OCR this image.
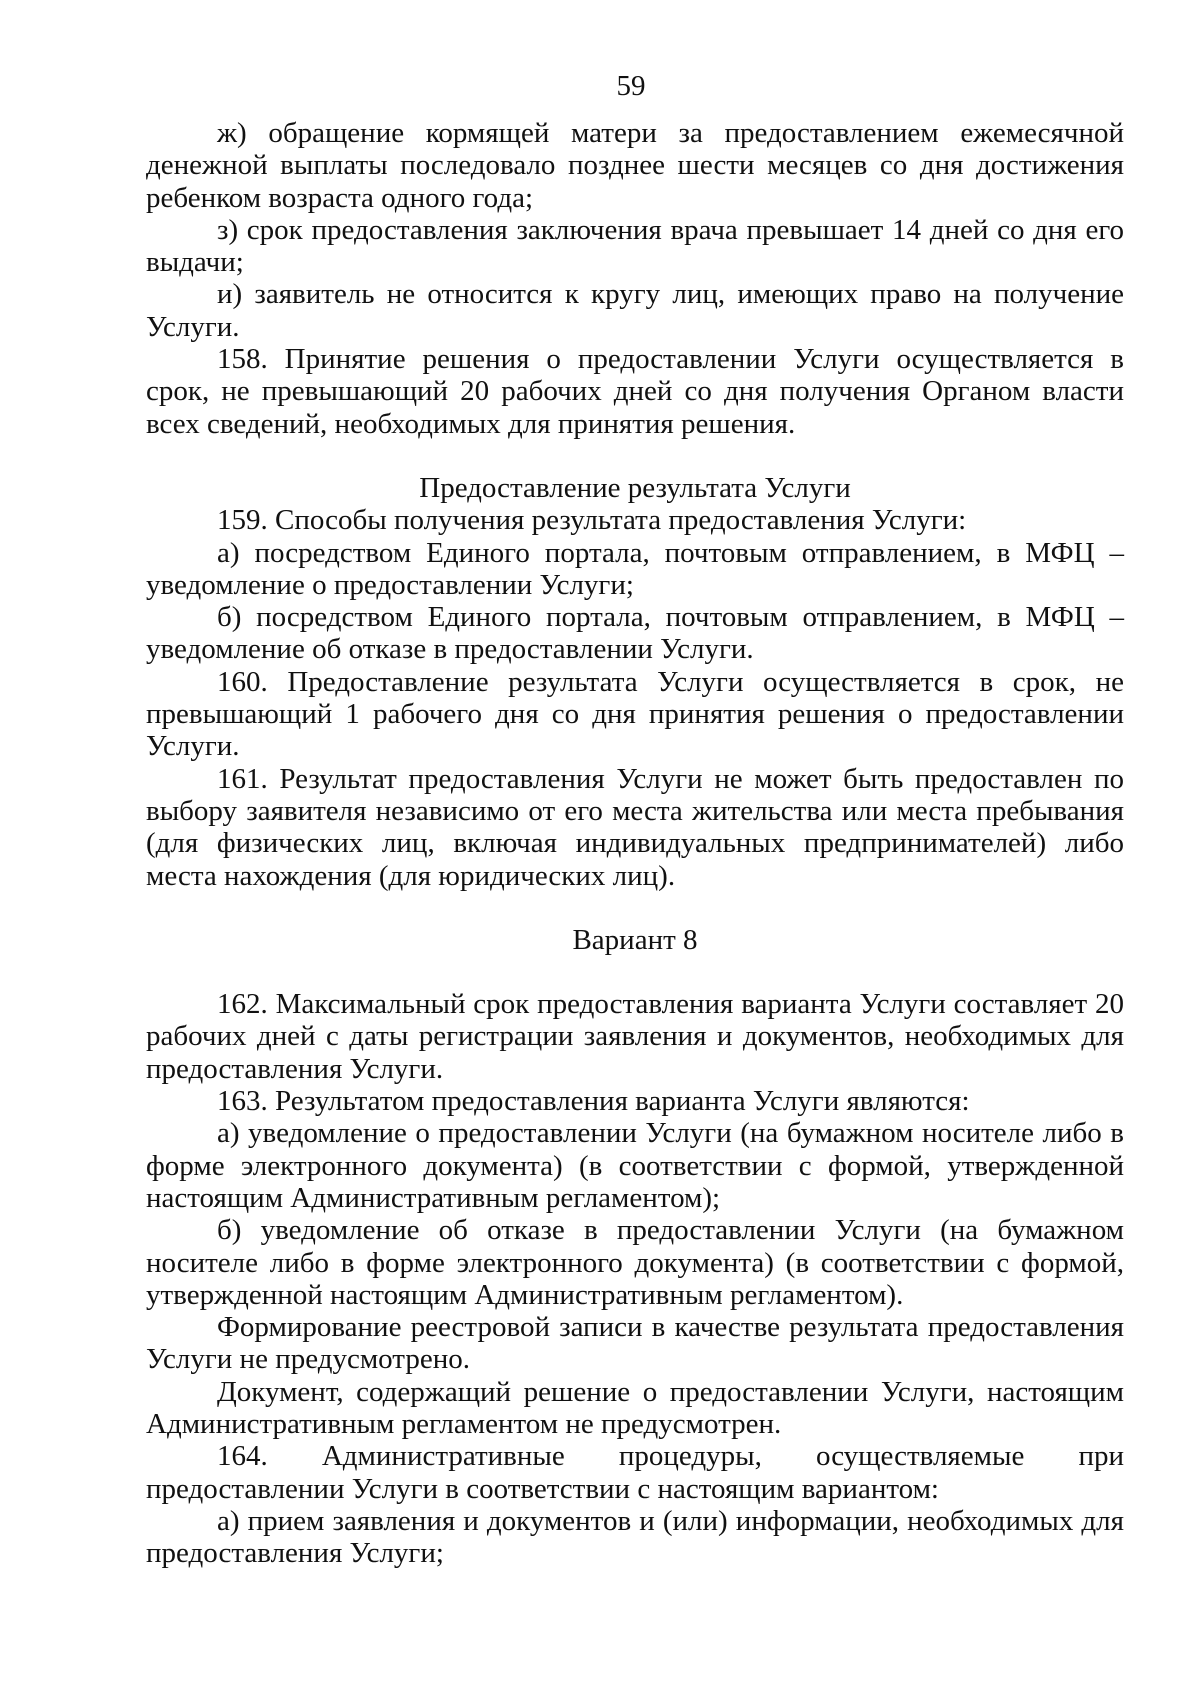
59

ж) обращение кормящей матери за предоставлением ежемесячной денежной выплаты последовало позднее шести месяцев со дня достижения ребенком возраста одного года;

з) срок предоставления заключения врача превышает 14 дней со дня его выдачи;

и) заявитель не относится к кругу лиц, имеющих право на получение Услуги.

158. Принятие решения о предоставлении Услуги осуществляется в срок, не превышающий 20 рабочих дней со дня получения Органом власти всех сведений, необходимых для принятия решения.

Предоставление результата Услуги

159. Способы получения результата предоставления Услуги:

а) посредством Единого портала, почтовым отправлением, в МФЦ – уведомление о предоставлении Услуги;

б) посредством Единого портала, почтовым отправлением, в МФЦ – уведомление об отказе в предоставлении Услуги.

160. Предоставление результата Услуги осуществляется в срок, не превышающий 1 рабочего дня со дня принятия решения о предоставлении Услуги.

161. Результат предоставления Услуги не может быть предоставлен по выбору заявителя независимо от его места жительства или места пребывания (для физических лиц, включая индивидуальных предпринимателей) либо места нахождения (для юридических лиц).

Вариант 8

162. Максимальный срок предоставления варианта Услуги составляет 20 рабочих дней с даты регистрации заявления и документов, необходимых для предоставления Услуги.

163. Результатом предоставления варианта Услуги являются:

а) уведомление о предоставлении Услуги (на бумажном носителе либо в форме электронного документа) (в соответствии с формой, утвержденной настоящим Административным регламентом);

б) уведомление об отказе в предоставлении Услуги (на бумажном носителе либо в форме электронного документа) (в соответствии с формой, утвержденной настоящим Административным регламентом).

Формирование реестровой записи в качестве результата предоставления Услуги не предусмотрено.

Документ, содержащий решение о предоставлении Услуги, настоящим Административным регламентом не предусмотрен.

164. Административные процедуры, осуществляемые при предоставлении Услуги в соответствии с настоящим вариантом:

а) прием заявления и документов и (или) информации, необходимых для предоставления Услуги;
